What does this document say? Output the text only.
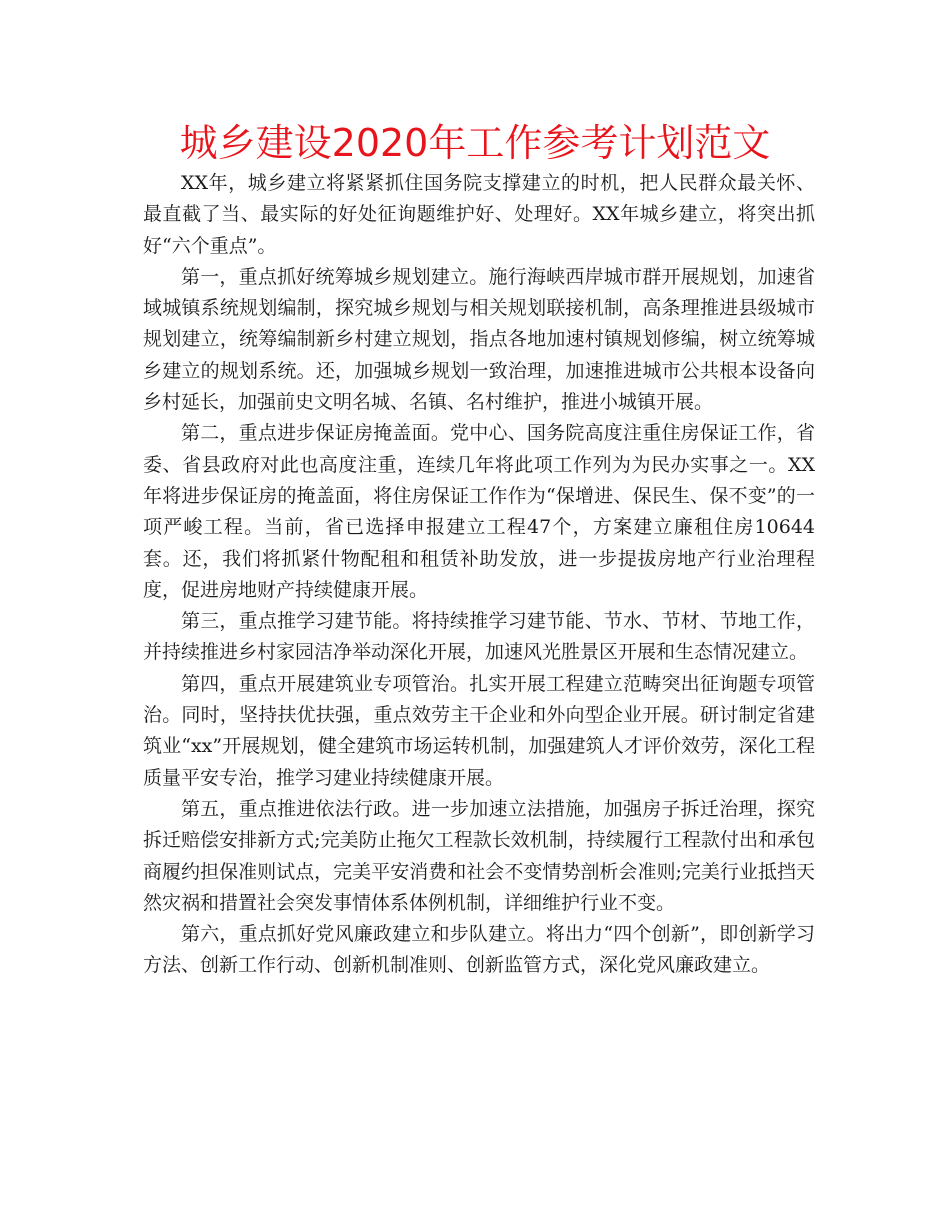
城乡建设2020年工作参考计划范文

XX年，城乡建立将紧紧抓住国务院支撑建立的时机，把人民群众最关怀、最直截了当、最实际的好处征询题维护好、处理好。XX年城乡建立，将突出抓好“六个重点”。

第一，重点抓好统筹城乡规划建立。施行海峡西岸城市群开展规划，加速省域城镇系统规划编制，探究城乡规划与相关规划联接机制，高条理推进县级城市规划建立，统筹编制新乡村建立规划，指点各地加速村镇规划修编，树立统筹城乡建立的规划系统。还，加强城乡规划一致治理，加速推进城市公共根本设备向乡村延长，加强前史文明名城、名镇、名村维护，推进小城镇开展。

第二，重点进步保证房掩盖面。党中心、国务院高度注重住房保证工作，省委、省县政府对此也高度注重，连续几年将此项工作列为为民办实事之一。XX年将进步保证房的掩盖面，将住房保证工作作为“保增进、保民生、保不变”的一项严峻工程。当前，省已选择申报建立工程47个，方案建立廉租住房10644套。还，我们将抓紧什物配租和租赁补助发放，进一步提拔房地产行业治理程度，促进房地财产持续健康开展。

第三，重点推学习建节能。将持续推学习建节能、节水、节材、节地工作，并持续推进乡村家园洁净举动深化开展，加速风光胜景区开展和生态情况建立。

第四，重点开展建筑业专项管治。扎实开展工程建立范畴突出征询题专项管治。同时，坚持扶优扶强，重点效劳主干企业和外向型企业开展。研讨制定省建筑业“xx”开展规划，健全建筑市场运转机制，加强建筑人才评价效劳，深化工程质量平安专治，推学习建业持续健康开展。

第五，重点推进依法行政。进一步加速立法措施，加强房子拆迁治理，探究拆迁赔偿安排新方式;完美防止拖欠工程款长效机制，持续履行工程款付出和承包商履约担保准则试点，完美平安消费和社会不变情势剖析会准则;完美行业抵挡天然灾祸和措置社会突发事情体系体例机制，详细维护行业不变。

第六，重点抓好党风廉政建立和步队建立。将出力“四个创新”，即创新学习方法、创新工作行动、创新机制准则、创新监管方式，深化党风廉政建立。
